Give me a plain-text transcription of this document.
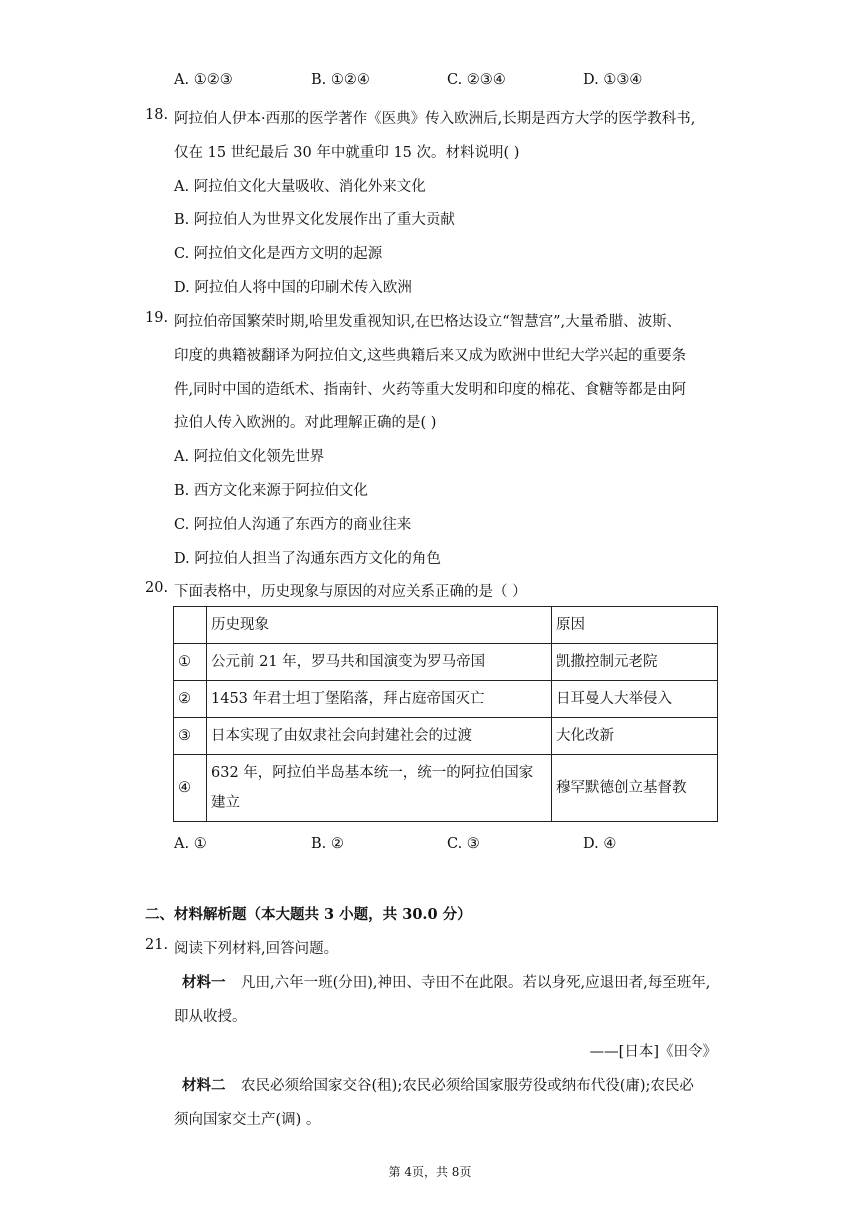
A. ①②③	B. ①②④	C. ②③④	D. ①③④
18. 阿拉伯人伊本·西那的医学著作《医典》传入欧洲后,长期是西方大学的医学教科书,
仅在 15 世纪最后 30 年中就重印 15 次。材料说明( )
A. 阿拉伯文化大量吸收、消化外来文化
B. 阿拉伯人为世界文化发展作出了重大贡献
C. 阿拉伯文化是西方文明的起源
D. 阿拉伯人将中国的印刷术传入欧洲
19. 阿拉伯帝国繁荣时期,哈里发重视知识,在巴格达设立“智慧宫”,大量希腊、波斯、
印度的典籍被翻译为阿拉伯文,这些典籍后来又成为欧洲中世纪大学兴起的重要条
件,同时中国的造纸术、指南针、火药等重大发明和印度的棉花、食糖等都是由阿
拉伯人传入欧洲的。对此理解正确的是( )
A. 阿拉伯文化领先世界
B. 西方文化来源于阿拉伯文化
C. 阿拉伯人沟通了东西方的商业往来
D. 阿拉伯人担当了沟通东西方文化的角色
20. 下面表格中，历史现象与原因的对应关系正确的是（ ）
	历史现象	原因
①	公元前 21 年，罗马共和国演变为罗马帝国	凯撒控制元老院
②	1453 年君士坦丁堡陷落，拜占庭帝国灭亡	日耳曼人大举侵入
③	日本实现了由奴隶社会向封建社会的过渡	大化改新
④	632 年，阿拉伯半岛基本统一，统一的阿拉伯国家建立	穆罕默德创立基督教
A. ①	B. ②	C. ③	D. ④
二、材料解析题（本大题共 3 小题，共 30.0 分）
21. 阅读下列材料,回答问题。
材料一 凡田,六年一班(分田),神田、寺田不在此限。若以身死,应退田者,每至班年,
即从收授。
——[日本]《田令》
材料二 农民必须给国家交谷(租);农民必须给国家服劳役或纳布代役(庸);农民必
须向国家交土产(调) 。
第 4页，共 8页
